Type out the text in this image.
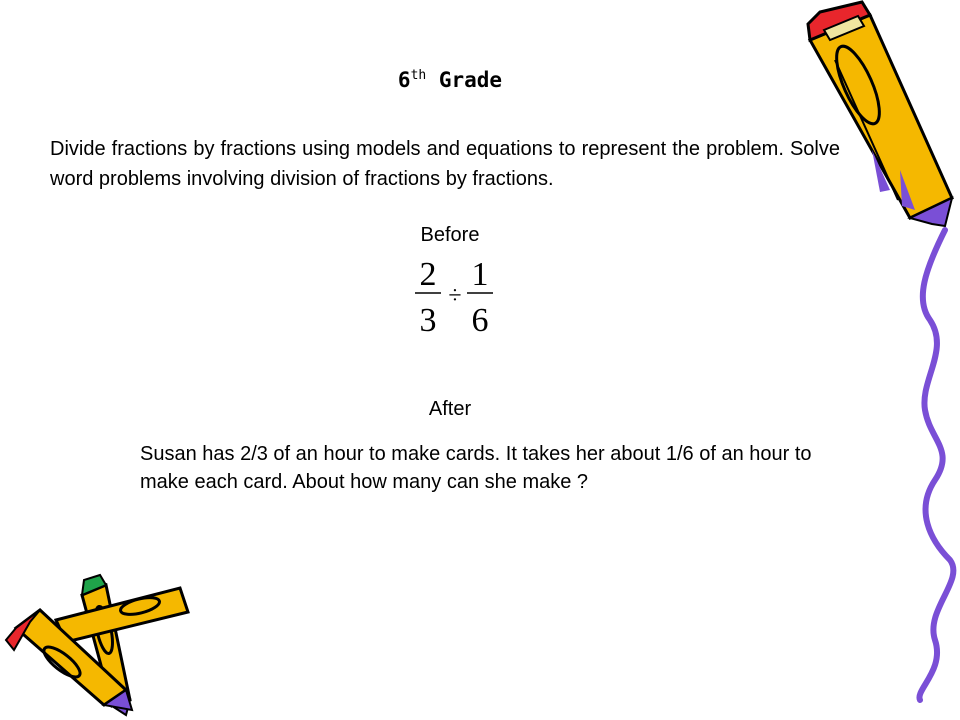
6th Grade
Divide fractions by fractions using models and equations to represent the problem. Solve word problems involving division of fractions by fractions.
Before
2
3
÷
1
6
After
Susan has 2/3 of an hour to make cards. It takes her about 1/6 of an hour to make each card. About how many can she make ?
